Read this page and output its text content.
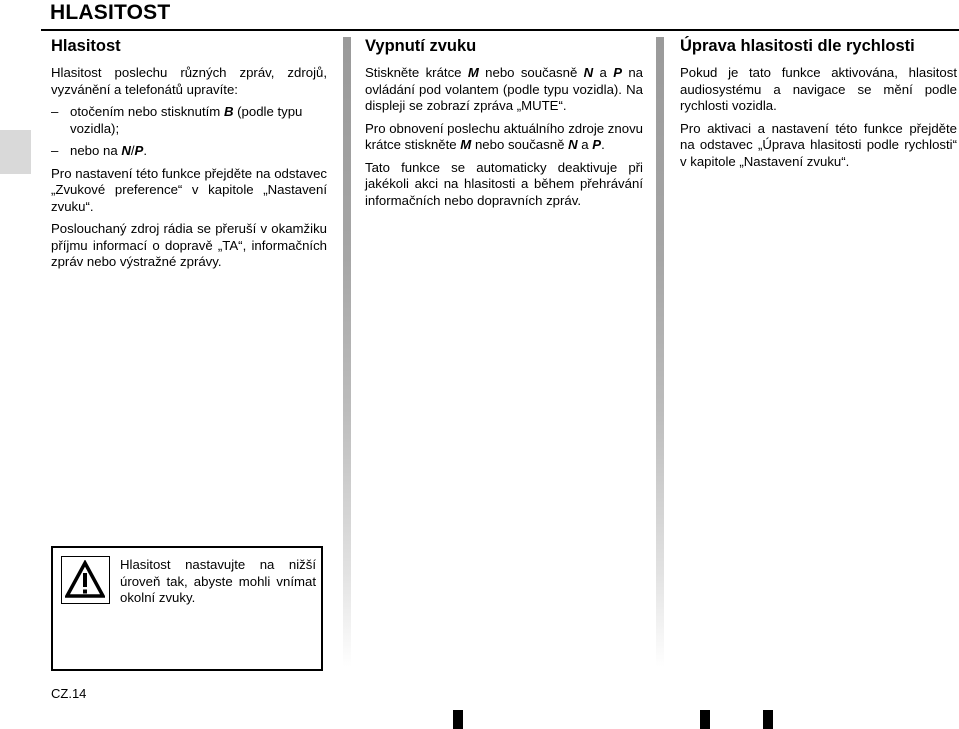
HLASITOST
Hlasitost

Hlasitost poslechu různých zpráv, zdrojů, vyzvánění a telefonátů upravíte:

– otočením nebo stisknutím B (podle typu vozidla);
– nebo na N/P.

Pro nastavení této funkce přejděte na odstavec „Zvukové preference“ v kapitole „Nastavení zvuku“.

Poslouchaný zdroj rádia se přeruší v okamžiku příjmu informací o dopravě „TA“, informačních zpráv nebo výstražné zprávy.

Vypnutí zvuku

Stiskněte krátce M nebo současně N a P na ovládání pod volantem (podle typu vozidla). Na displeji se zobrazí zpráva „MUTE“.

Pro obnovení poslechu aktuálního zdroje znovu krátce stiskněte M nebo současně N a P.

Tato funkce se automaticky deaktivuje při jakékoli akci na hlasitosti a během přehrávání informačních nebo dopravních zpráv.

Úprava hlasitosti dle rychlosti

Pokud je tato funkce aktivována, hlasitost audiosystému a navigace se mění podle rychlosti vozidla.

Pro aktivaci a nastavení této funkce přejděte na odstavec „Úprava hlasitosti podle rychlosti“ v kapitole „Nastavení zvuku“.

Hlasitost nastavujte na nižší úroveň tak, abyste mohli vnímat okolní zvuky.
CZ.14
